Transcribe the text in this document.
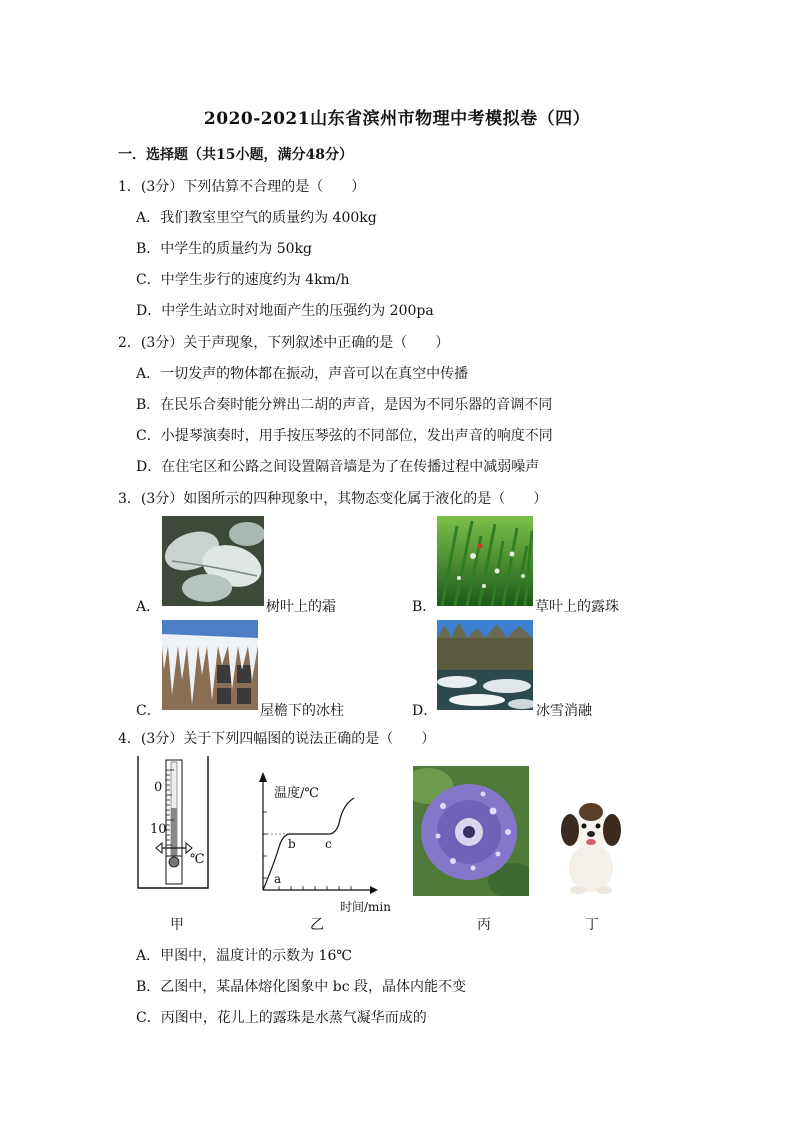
2020-2021山东省滨州市物理中考模拟卷（四）
一．选择题（共15小题，满分48分）
1．(3分）下列估算不合理的是（　　）
A．我们教室里空气的质量约为 400kg
B．中学生的质量约为 50kg
C．中学生步行的速度约为 4km/h
D．中学生站立时对地面产生的压强约为 200pa
2．(3分）关于声现象，下列叙述中正确的是（　　）
A．一切发声的物体都在振动，声音可以在真空中传播
B．在民乐合奏时能分辨出二胡的声音，是因为不同乐器的音调不同
C．小提琴演奏时，用手按压琴弦的不同部位，发出声音的响度不同
D．在住宅区和公路之间设置隔音墙是为了在传播过程中减弱噪声
3．(3分）如图所示的四种现象中，其物态变化属于液化的是（　　）
A．	树叶上的霜	B．	草叶上的露珠
C．	屋檐下的冰柱	D．	冰雪消融
4．(3分）关于下列四幅图的说法正确的是（　　）
0
10
℃
温度/℃
时间/min
a
b c
甲	乙	丙	丁
A．甲图中，温度计的示数为 16℃
B．乙图中，某晶体熔化图象中 bc 段，晶体内能不变
C．丙图中，花儿上的露珠是水蒸气凝华而成的
